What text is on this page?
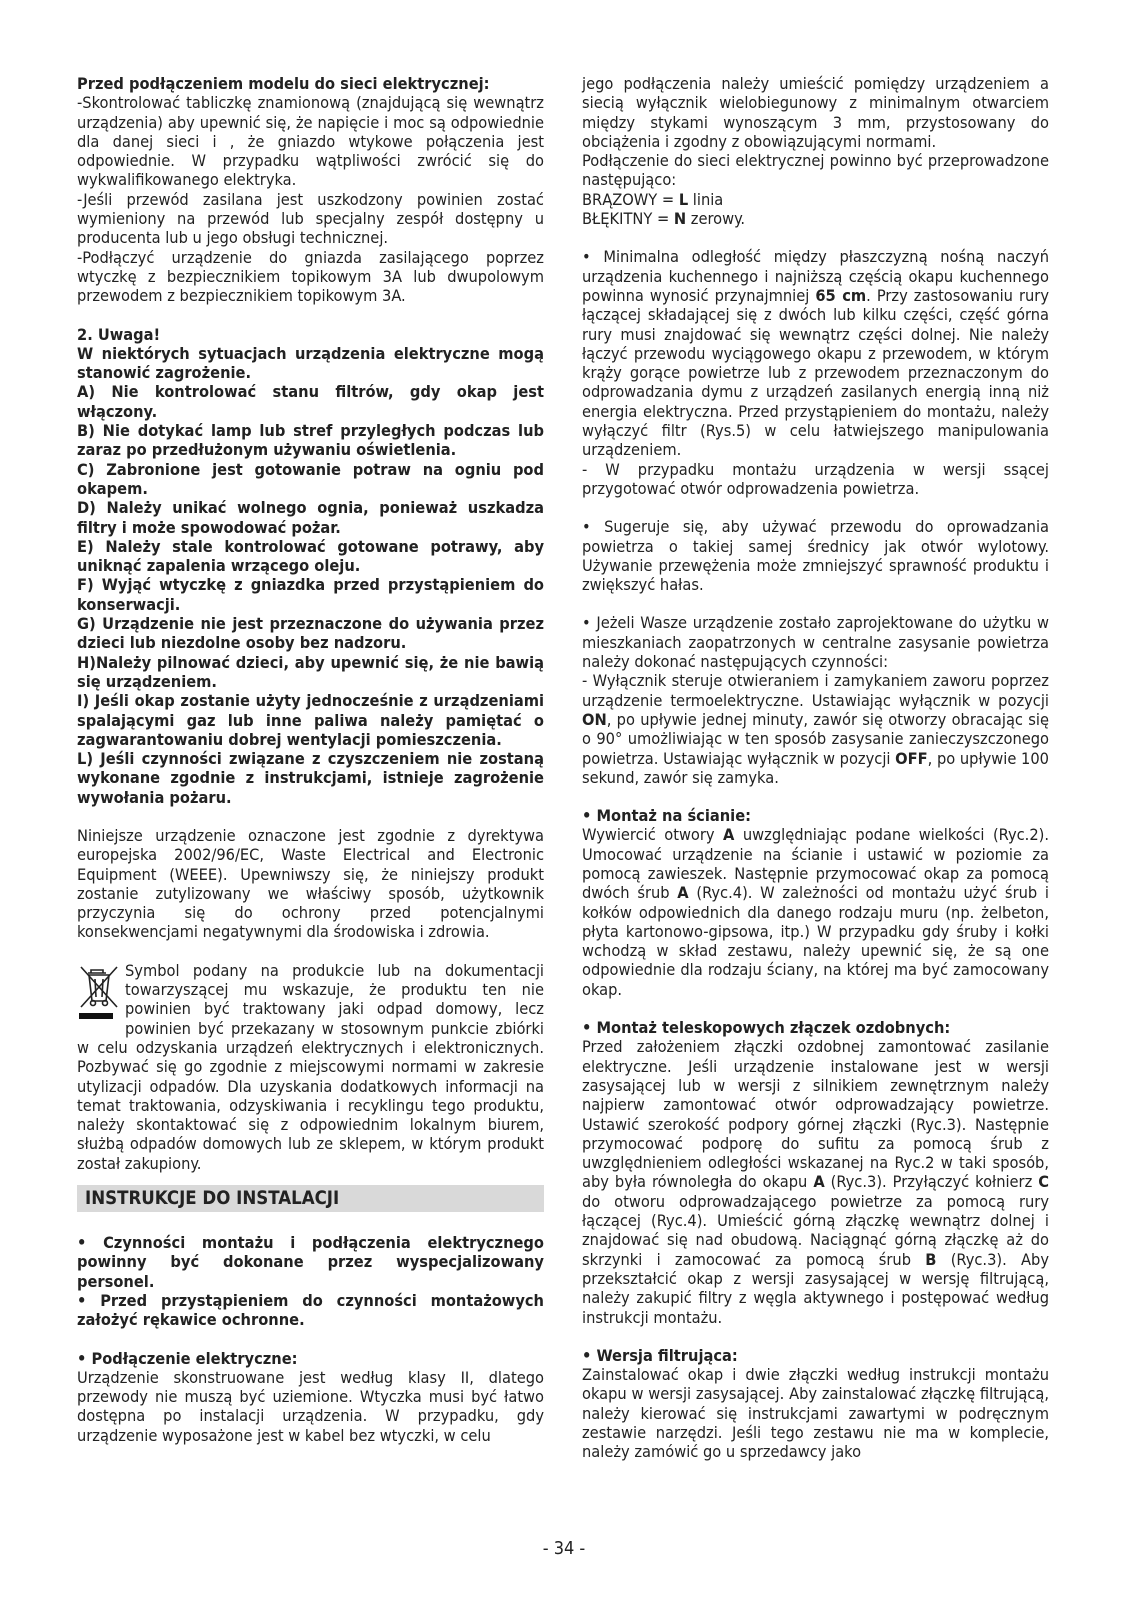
Przed podłączeniem modelu do sieci elektrycznej:

-Skontrolować tabliczkę znamionową (znajdującą się wewnątrz urządzenia) aby upewnić się, że napięcie i moc są odpowiednie dla danej sieci i , że gniazdo wtykowe połączenia jest odpowiednie. W przypadku wątpliwości zwrócić się do wykwalifikowanego elektryka.

-Jeśli przewód zasilana jest uszkodzony powinien zostać wymieniony na przewód lub specjalny zespół dostępny u producenta lub u jego obsługi technicznej.

-Podłączyć urządzenie do gniazda zasilającego poprzez wtyczkę z bezpiecznikiem topikowym 3A lub dwupolowym przewodem z bezpiecznikiem topikowym 3A.

2. Uwaga!

W niektórych sytuacjach urządzenia elektryczne mogą stanowić zagrożenie.

A) Nie kontrolować stanu filtrów, gdy okap jest włączony.

B) Nie dotykać lamp lub stref przyległych podczas lub zaraz po przedłużonym używaniu oświetlenia.

C) Zabronione jest gotowanie potraw na ogniu pod okapem.

D) Należy unikać wolnego ognia, ponieważ uszkadza filtry i może spowodować pożar.

E) Należy stale kontrolować gotowane potrawy, aby uniknąć zapalenia wrzącego oleju.

F) Wyjąć wtyczkę z gniazdka przed przystąpieniem do konserwacji.

G) Urządzenie nie jest przeznaczone do używania przez dzieci lub niezdolne osoby bez nadzoru.

H)Należy pilnować dzieci, aby upewnić się, że nie bawią się urządzeniem.

I) Jeśli okap zostanie użyty jednocześnie z urządzeniami spalającymi gaz lub inne paliwa należy pamiętać o zagwarantowaniu dobrej wentylacji pomieszczenia.

L) Jeśli czynności związane z czyszczeniem nie zostaną wykonane zgodnie z instrukcjami, istnieje zagrożenie wywołania pożaru.

Niniejsze urządzenie oznaczone jest zgodnie z dyrektywa europejska 2002/96/EC, Waste Electrical and Electronic Equipment (WEEE). Upewniwszy się, że niniejszy produkt zostanie zutylizowany we właściwy sposób, użytkownik przyczynia się do ochrony przed potencjalnymi konsekwencjami negatywnymi dla środowiska i zdrowia.

Symbol podany na produkcie lub na dokumentacji towarzyszącej mu wskazuje, że produktu ten nie powinien być traktowany jaki odpad domowy, lecz powinien być przekazany w stosownym punkcie zbiórki w celu odzyskania urządzeń elektrycznych i elektronicznych. Pozbywać się go zgodnie z miejscowymi normami w zakresie utylizacji odpadów. Dla uzyskania dodatkowych informacji na temat traktowania, odzyskiwania i recyklingu tego produktu, należy skontaktować się z odpowiednim lokalnym biurem, służbą odpadów domowych lub ze sklepem, w którym produkt został zakupiony.

INSTRUKCJE DO INSTALACJI

• Czynności montażu i podłączenia elektrycznego powinny być dokonane przez wyspecjalizowany personel.

• Przed przystąpieniem do czynności montażowych założyć rękawice ochronne.

• Podłączenie elektryczne:

Urządzenie skonstruowane jest według klasy II, dlatego przewody nie muszą być uziemione. Wtyczka musi być łatwo dostępna po instalacji urządzenia. W przypadku, gdy urządzenie wyposażone jest w kabel bez wtyczki, w celu

jego podłączenia należy umieścić pomiędzy urządzeniem a siecią wyłącznik wielobiegunowy z minimalnym otwarciem między stykami wynoszącym 3 mm, przystosowany do obciążenia i zgodny z obowiązującymi normami.

Podłączenie do sieci elektrycznej powinno być przeprowadzone następująco:

BRĄZOWY = L linia

BŁĘKITNY = N zerowy.

• Minimalna odległość między płaszczyzną nośną naczyń urządzenia kuchennego i najniższą częścią okapu kuchennego powinna wynosić przynajmniej 65 cm. Przy zastosowaniu rury łączącej składającej się z dwóch lub kilku części, część górna rury musi znajdować się wewnątrz części dolnej. Nie należy łączyć przewodu wyciągowego okapu z przewodem, w którym krąży gorące powietrze lub z przewodem przeznaczonym do odprowadzania dymu z urządzeń zasilanych energią inną niż energia elektryczna. Przed przystąpieniem do montażu, należy wyłączyć filtr (Rys.5) w celu łatwiejszego manipulowania urządzeniem.

- W przypadku montażu urządzenia w wersji ssącej przygotować otwór odprowadzenia powietrza.

• Sugeruje się, aby używać przewodu do oprowadzania powietrza o takiej samej średnicy jak otwór wylotowy. Używanie przewężenia może zmniejszyć sprawność produktu i zwiększyć hałas.

• Jeżeli Wasze urządzenie zostało zaprojektowane do użytku w mieszkaniach zaopatrzonych w centralne zasysanie powietrza należy dokonać następujących czynności:

- Wyłącznik steruje otwieraniem i zamykaniem zaworu poprzez urządzenie termoelektryczne. Ustawiając wyłącznik w pozycji ON, po upływie jednej minuty, zawór się otworzy obracając się o 90° umożliwiając w ten sposób zasysanie zanieczyszczonego powietrza. Ustawiając wyłącznik w pozycji OFF, po upływie 100 sekund, zawór się zamyka.

• Montaż na ścianie:

Wywiercić otwory A uwzględniając podane wielkości (Ryc.2). Umocować urządzenie na ścianie i ustawić w poziomie za pomocą zawieszek. Następnie przymocować okap za pomocą dwóch śrub A (Ryc.4). W zależności od montażu użyć śrub i kołków odpowiednich dla danego rodzaju muru (np. żelbeton, płyta kartonowo-gipsowa, itp.) W przypadku gdy śruby i kołki wchodzą w skład zestawu, należy upewnić się, że są one odpowiednie dla rodzaju ściany, na której ma być zamocowany okap.

• Montaż teleskopowych złączek ozdobnych:

Przed założeniem złączki ozdobnej zamontować zasilanie elektryczne. Jeśli urządzenie instalowane jest w wersji zasysającej lub w wersji z silnikiem zewnętrznym należy najpierw zamontować otwór odprowadzający powietrze. Ustawić szerokość podpory górnej złączki (Ryc.3). Następnie przymocować podporę do sufitu za pomocą śrub z uwzględnieniem odległości wskazanej na Ryc.2 w taki sposób, aby była równoległa do okapu A (Ryc.3). Przyłączyć kołnierz C do otworu odprowadzającego powietrze za pomocą rury łączącej (Ryc.4). Umieścić górną złączkę wewnątrz dolnej i znajdować się nad obudową. Naciągnąć górną złączkę aż do skrzynki i zamocować za pomocą śrub B (Ryc.3). Aby przekształcić okap z wersji zasysającej w wersję filtrującą, należy zakupić filtry z węgla aktywnego i postępować według instrukcji montażu.

• Wersja filtrująca:

Zainstalować okap i dwie złączki według instrukcji montażu okapu w wersji zasysającej. Aby zainstalować złączkę filtrującą, należy kierować się instrukcjami zawartymi w podręcznym zestawie narzędzi. Jeśli tego zestawu nie ma w komplecie, należy zamówić go u sprzedawcy jako

- 34 -
